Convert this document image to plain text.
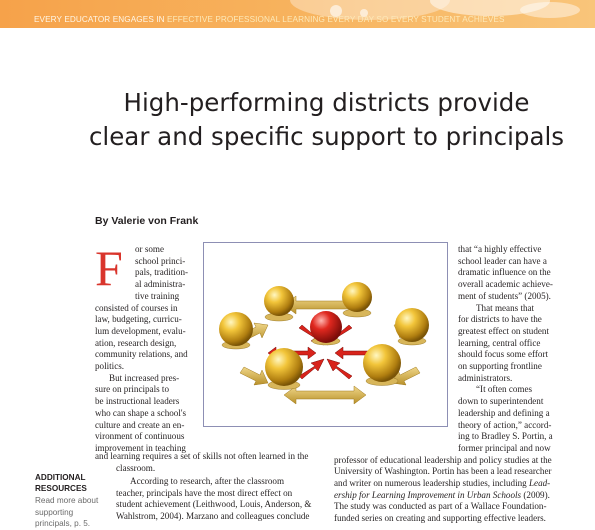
EVERY EDUCATOR ENGAGES IN EFFECTIVE PROFESSIONAL LEARNING EVERY DAY SO EVERY STUDENT ACHIEVES
High-performing districts provide
clear and specific support to principals
By Valerie von Frank
F or some

school princi-

pals, tradition-

al administra-

tive training

consisted of courses in

law, budgeting, curricu-

lum development, evalu-

ation, research design,

community relations, and

politics.

But increased pres-

sure on principals to

be instructional leaders

who can shape a school's

culture and create an en-

vironment of continuous

improvement in teaching

that “a highly effective

school leader can have a

dramatic influence on the

overall academic achieve-

ment of students” (2005).

That means that

for districts to have the

greatest effect on student

learning, central office

should focus some effort

on supporting frontline

administrators.

“It often comes

down to superintendent

leadership and defining a

theory of action,” accord-

ing to Bradley S. Portin, a

former principal and now

and learning requires a set of skills not often learned in the
classroom.

According to research, after the classroom

teacher, principals have the most direct effect on

student achievement (Leithwood, Louis, Anderson, &

Wahlstrom, 2004). Marzano and colleagues conclude

professor of educational leadership and policy studies at the

University of Washington. Portin has been a lead researcher

and writer on numerous leadership studies, including Lead-

ership for Learning Improvement in Urban Schools (2009).

The study was conducted as part of a Wallace Foundation-

funded series on creating and supporting effective leaders.

ADDITIONAL
RESOURCES
Read more about
supporting
principals, p. 5.
